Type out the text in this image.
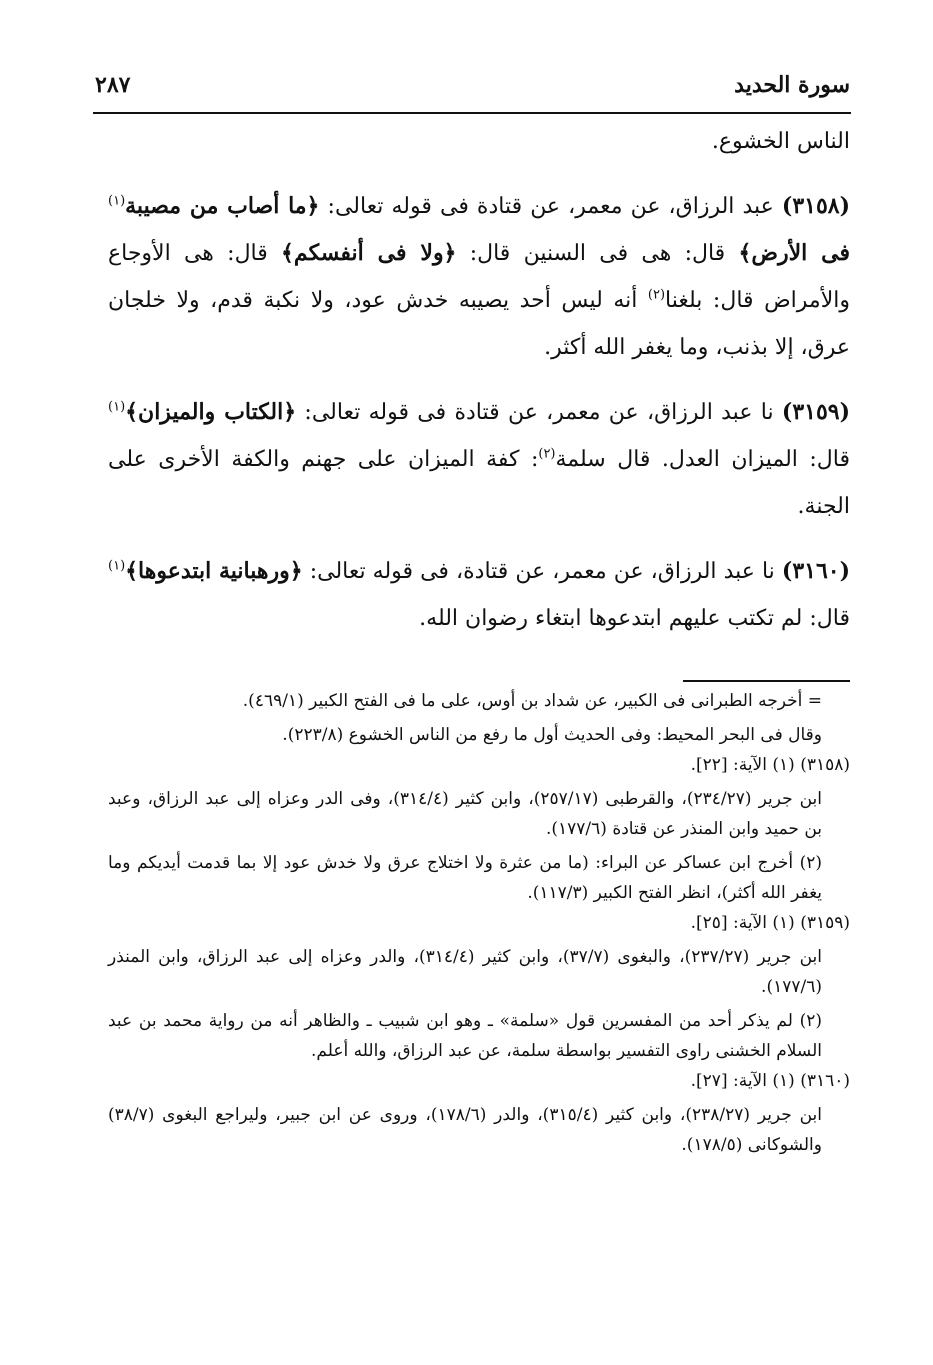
سورة الحديد
٢٨٧

الناس الخشوع.

(٣١٥٨) عبد الرزاق، عن معمر، عن قتادة فى قوله تعالى: ﴿ما أصاب من مصيبة$^{(١)}$ فى الأرض﴾ قال: هى فى السنين قال: ﴿ولا فى أنفسكم﴾ قال: هى الأوجاع والأمراض قال: بلغنا$^{(٢)}$ أنه ليس أحد يصيبه خدش عود، ولا نكبة قدم، ولا خلجان عرق، إلا بذنب، وما يغفر الله أكثر.

(٣١٥٩) نا عبد الرزاق، عن معمر، عن قتادة فى قوله تعالى: ﴿الكتاب والميزان﴾$^{(١)}$ قال: الميزان العدل. قال سلمة$^{(٢)}$: كفة الميزان على جهنم والكفة الأخرى على الجنة.

(٣١٦٠) نا عبد الرزاق، عن معمر، عن قتادة، فى قوله تعالى: ﴿ورهبانية ابتدعوها﴾$^{(١)}$ قال: لم تكتب عليهم ابتدعوها ابتغاء رضوان الله.

= أخرجه الطبرانى فى الكبير، عن شداد بن أوس، على ما فى الفتح الكبير (٤٦٩/١).

وقال فى البحر المحيط: وفى الحديث أول ما رفع من الناس الخشوع (٢٢٣/٨).

(٣١٥٨) (١) الآية: [٢٢].

ابن جرير (٢٣٤/٢٧)، والقرطبى (٢٥٧/١٧)، وابن كثير (٣١٤/٤)، وفى الدر وعزاه إلى عبد الرزاق، وعبد بن حميد وابن المنذر عن قتادة (١٧٧/٦).

(٢) أخرج ابن عساكر عن البراء: (ما من عثرة ولا اختلاج عرق ولا خدش عود إلا بما قدمت أيديكم وما يغفر الله أكثر)، انظر الفتح الكبير (١١٧/٣).

(٣١٥٩) (١) الآية: [٢٥].

ابن جرير (٢٣٧/٢٧)، والبغوى (٣٧/٧)، وابن كثير (٣١٤/٤)، والدر وعزاه إلى عبد الرزاق، وابن المنذر (١٧٧/٦).

(٢) لم يذكر أحد من المفسرين قول «سلمة» ـ وهو ابن شبيب ـ والظاهر أنه من رواية محمد بن عبد السلام الخشنى راوى التفسير بواسطة سلمة، عن عبد الرزاق، والله أعلم.

(٣١٦٠) (١) الآية: [٢٧].

ابن جرير (٢٣٨/٢٧)، وابن كثير (٣١٥/٤)، والدر (١٧٨/٦)، وروى عن ابن جبير، وليراجع البغوى (٣٨/٧) والشوكانى (١٧٨/٥).
